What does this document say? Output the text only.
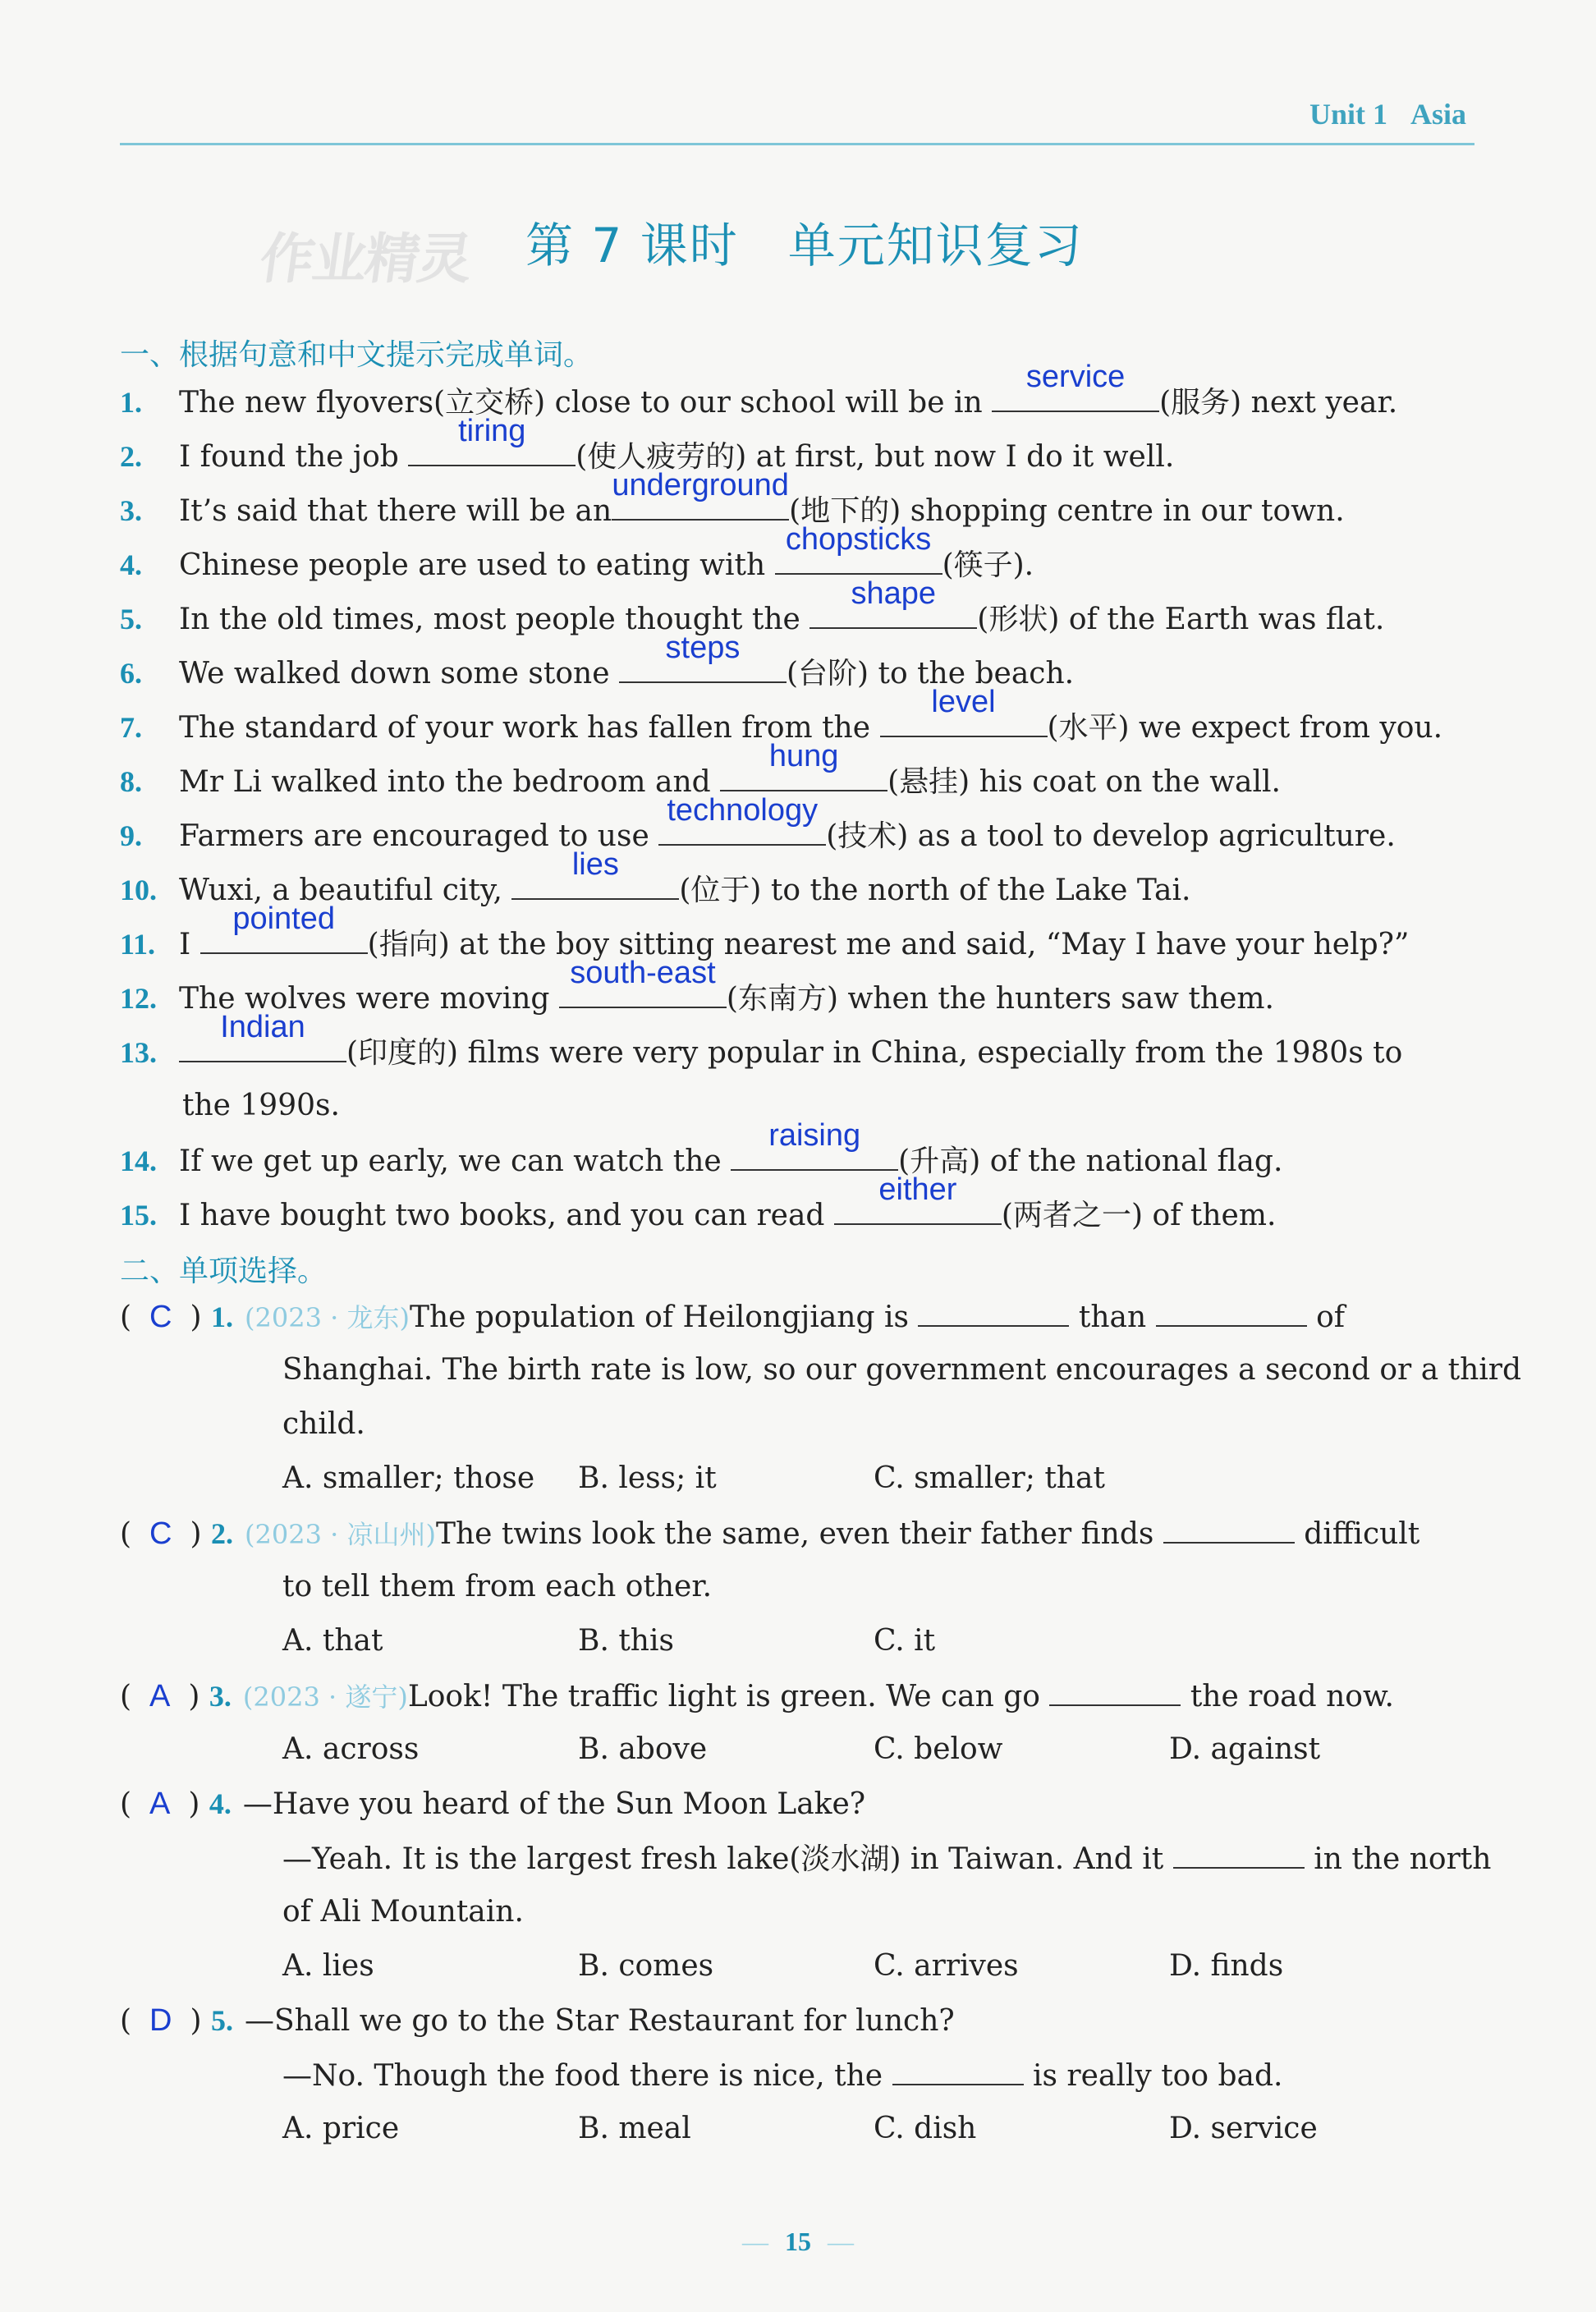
Unit 1 Asia
作业精灵 第 7 课时 单元知识复习
一、根据句意和中文提示完成单词。
1. The new flyovers(立交桥) close to our school will be in
service
(服务) next year.
2. I found the job
tiring
(使人疲劳的) at first, but now I do it well.
3. It’s said that there will be an
underground
(地下的) shopping centre in our town.
4. Chinese people are used to eating with
chopsticks
(筷子).
5. In the old times, most people thought the
shape
(形状) of the Earth was flat.
6. We walked down some stone
steps
(台阶) to the beach.
7. The standard of your work has fallen from the
level
(水平) we expect from you.
8. Mr Li walked into the bedroom and
hung
(悬挂) his coat on the wall.
9. Farmers are encouraged to use
technology
(技术) as a tool to develop agriculture.
10. Wuxi, a beautiful city,
lies
(位于) to the north of the Lake Tai.
11. I
pointed
(指向) at the boy sitting nearest me and said, “May I have your help?”
12. The wolves were moving
south-east
(东南方) when the hunters saw them.
13.
Indian
(印度的) films were very popular in China, especially from the 1980s to
the 1990s.
14. If we get up early, we can watch the
raising
(升高) of the national flag.
15. I have bought two books, and you can read
either
(两者之一) of them.
二、单项选择。
( C ) 1. (2023 · 龙东)The population of Heilongjiang is	than	of
Shanghai. The birth rate is low, so our government encourages a second or a third
child.
A. smaller; those B. less; it	C. smaller; that
( C ) 2. (2023 · 凉山州)The twins look the same, even their father finds	difficult
to tell them from each other.
A. that	B. this	C. it
( A ) 3. (2023 · 遂宁)Look! The traffic light is green. We can go	the road now.
A. across	B. above	C. below	D. against
( A ) 4. —Have you heard of the Sun Moon Lake?
—Yeah. It is the largest fresh lake(淡水湖) in Taiwan. And it	in the north
of Ali Mountain.
A. lies	B. comes	C. arrives	D. finds
( D ) 5. —Shall we go to the Star Restaurant for lunch?
—No. Though the food there is nice, the	is really too bad.
A. price	B. meal	C. dish	D. service
— 15 —
